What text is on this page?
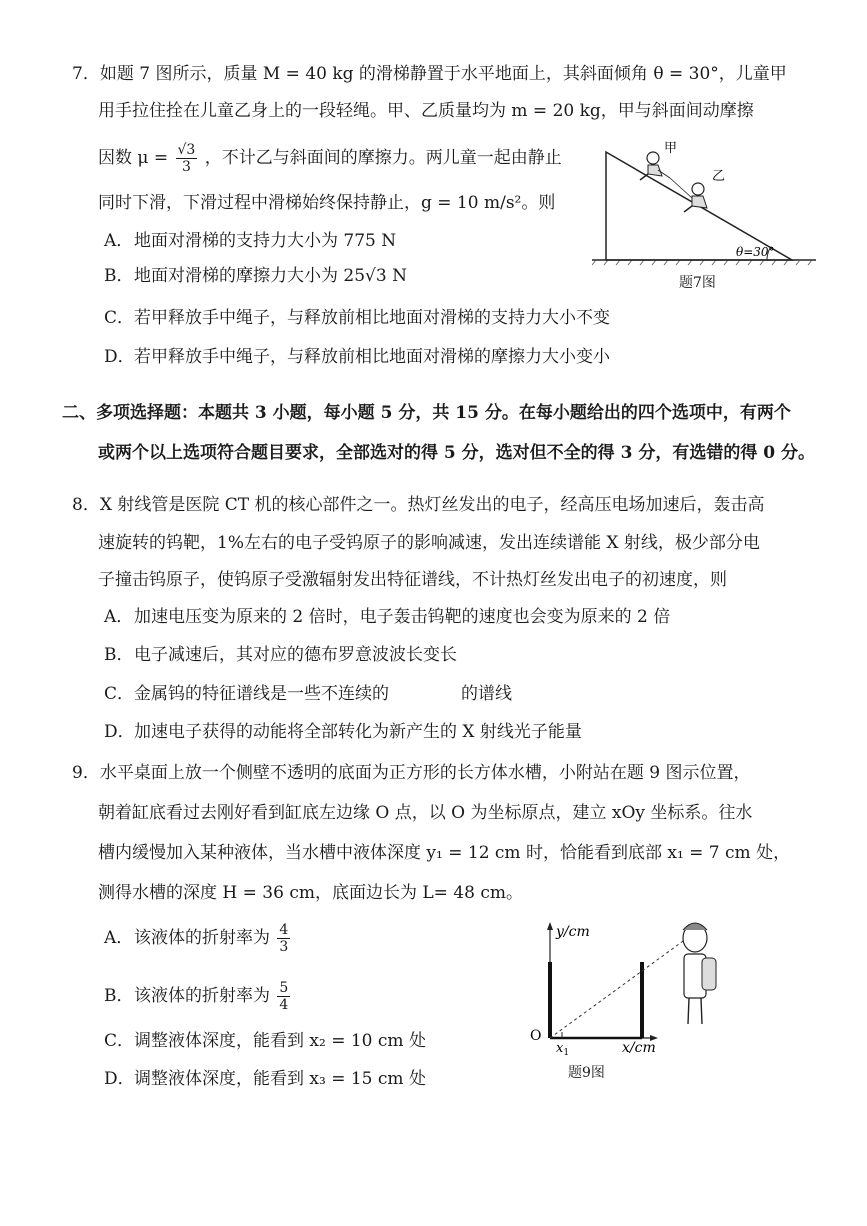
7．如题 7 图所示，质量 M = 40 kg 的滑梯静置于水平地面上，其斜面倾角 θ = 30°，儿童甲
用手拉住拴在儿童乙身上的一段轻绳。甲、乙质量均为 m = 20 kg，甲与斜面间动摩擦
因数 $\mu = \frac{√3}{3}$ ，不计乙与斜面间的摩擦力。两儿童一起由静止
同时下滑，下滑过程中滑梯始终保持静止，g = 10 m/s²。则
A．地面对滑梯的支持力大小为 775 N
B．地面对滑梯的摩擦力大小为 25√3 N
C．若甲释放手中绳子，与释放前相比地面对滑梯的支持力大小不变
D．若甲释放手中绳子，与释放前相比地面对滑梯的摩擦力大小变小
甲
乙
θ=30°
题7图
二、多项选择题：本题共 3 小题，每小题 5 分，共 15 分。在每小题给出的四个选项中，有两个
或两个以上选项符合题目要求，全部选对的得 5 分，选对但不全的得 3 分，有选错的得 0 分。
8．X 射线管是医院 CT 机的核心部件之一。热灯丝发出的电子，经高压电场加速后，轰击高
速旋转的钨靶，1%左右的电子受钨原子的影响减速，发出连续谱能 X 射线，极少部分电
子撞击钨原子，使钨原子受激辐射发出特征谱线，不计热灯丝发出电子的初速度，则
A．加速电压变为原来的 2 倍时，电子轰击钨靶的速度也会变为原来的 2 倍
B．电子减速后，其对应的德布罗意波波长变长
C．金属钨的特征谱线是一些不连续的	的谱线
D．加速电子获得的动能将全部转化为新产生的 X 射线光子能量
9．水平桌面上放一个侧壁不透明的底面为正方形的长方体水槽，小附站在题 9 图示位置，
朝着缸底看过去刚好看到缸底左边缘 O 点，以 O 为坐标原点，建立 xOy 坐标系。往水
槽内缓慢加入某种液体，当水槽中液体深度 y₁ = 12 cm 时，恰能看到底部 x₁ = 7 cm 处，
测得水槽的深度 H = 36 cm，底面边长为 L= 48 cm。
A．该液体的折射率为 $\frac{4}{3}$
B．该液体的折射率为 $\frac{5}{4}$
C．调整液体深度，能看到 x₂ = 10 cm 处
D．调整液体深度，能看到 x₃ = 15 cm 处
y/cm
x/cm
O
$x_1$
题9图
